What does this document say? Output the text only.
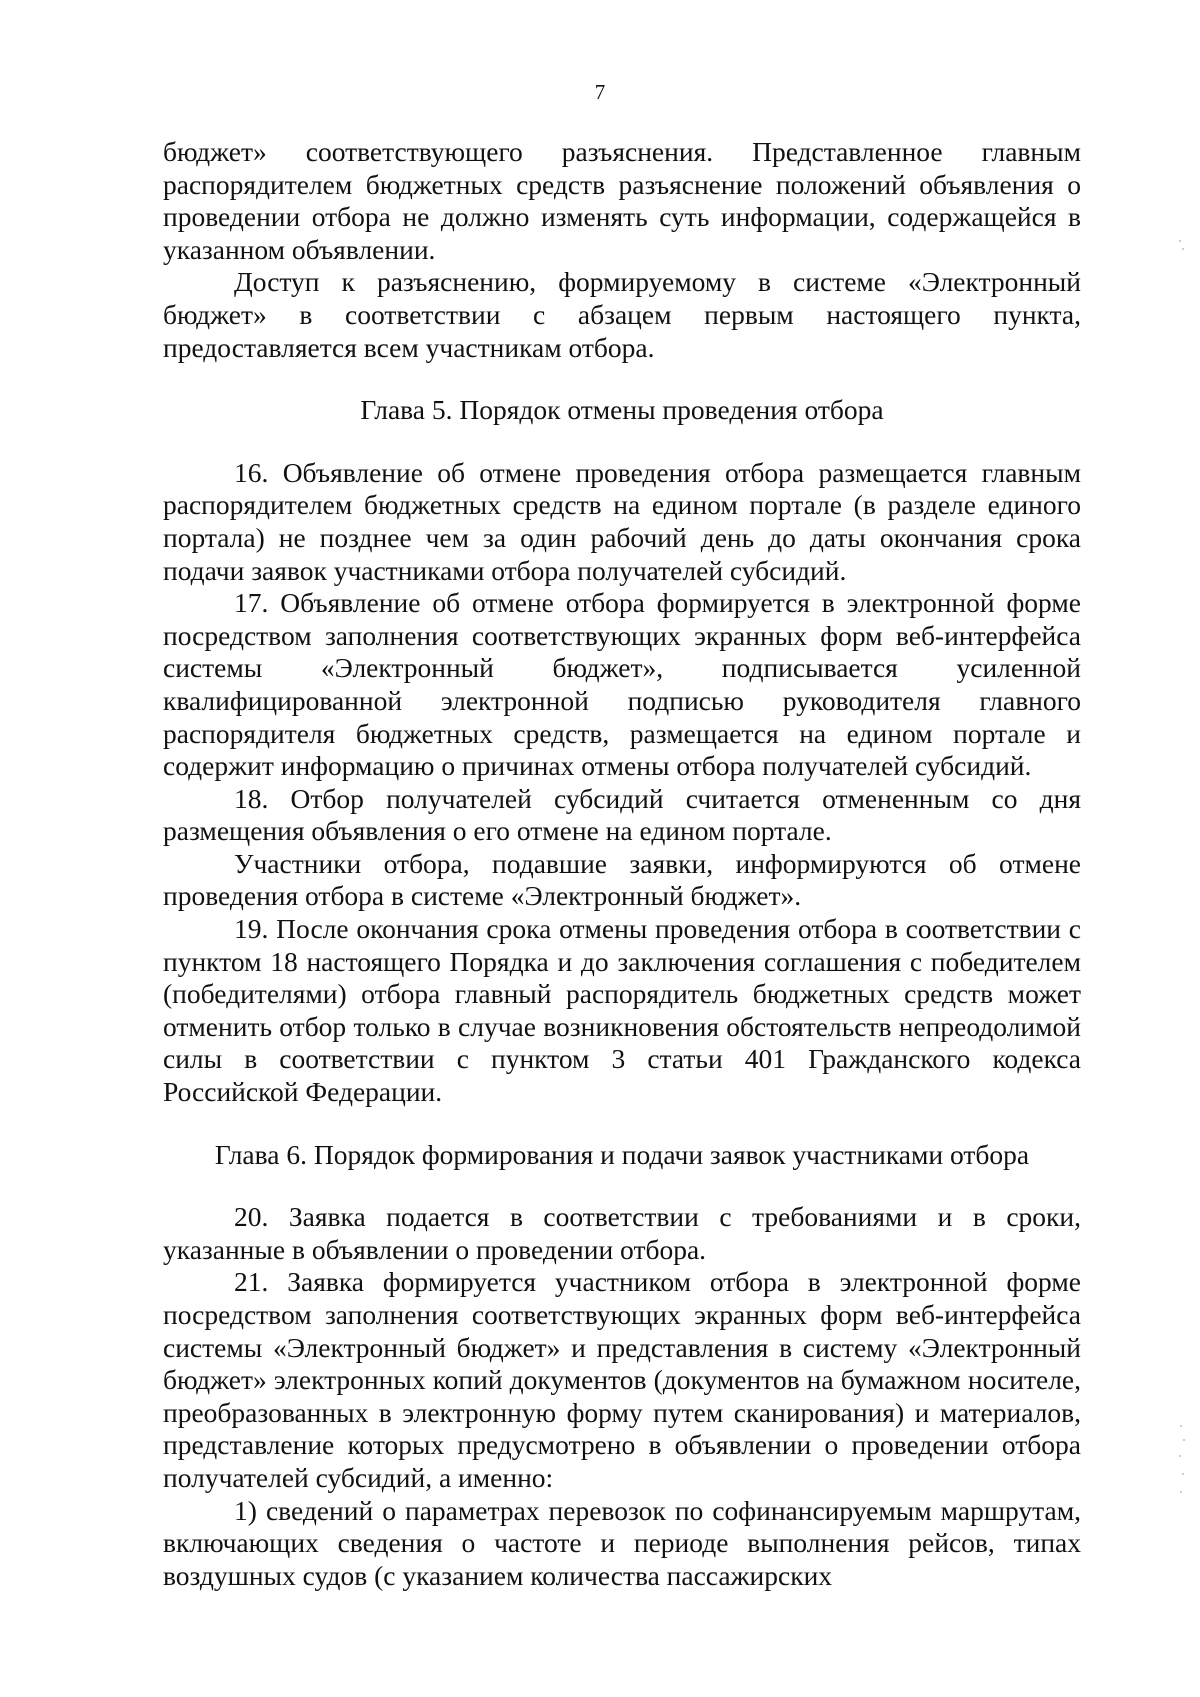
7

бюджет» соответствующего разъяснения. Представленное главным распорядителем бюджетных средств разъяснение положений объявления о проведении отбора не должно изменять суть информации, содержащейся в указанном объявлении.

Доступ к разъяснению, формируемому в системе «Электронный бюджет» в соответствии с абзацем первым настоящего пункта, предоставляется всем участникам отбора.

Глава 5. Порядок отмены проведения отбора

16. Объявление об отмене проведения отбора размещается главным распорядителем бюджетных средств на едином портале (в разделе единого портала) не позднее чем за один рабочий день до даты окончания срока подачи заявок участниками отбора получателей субсидий.

17. Объявление об отмене отбора формируется в электронной форме посредством заполнения соответствующих экранных форм веб-интерфейса системы «Электронный бюджет», подписывается усиленной квалифицированной электронной подписью руководителя главного распорядителя бюджетных средств, размещается на едином портале и содержит информацию о причинах отмены отбора получателей субсидий.

18. Отбор получателей субсидий считается отмененным со дня размещения объявления о его отмене на едином портале.

Участники отбора, подавшие заявки, информируются об отмене проведения отбора в системе «Электронный бюджет».

19. После окончания срока отмены проведения отбора в соответствии с пунктом 18 настоящего Порядка и до заключения соглашения с победителем (победителями) отбора главный распорядитель бюджетных средств может отменить отбор только в случае возникновения обстоятельств непреодолимой силы в соответствии с пунктом 3 статьи 401 Гражданского кодекса Российской Федерации.

Глава 6. Порядок формирования и подачи заявок участниками отбора

20. Заявка подается в соответствии с требованиями и в сроки, указанные в объявлении о проведении отбора.

21. Заявка формируется участником отбора в электронной форме посредством заполнения соответствующих экранных форм веб-интерфейса системы «Электронный бюджет» и представления в систему «Электронный бюджет» электронных копий документов (документов на бумажном носителе, преобразованных в электронную форму путем сканирования) и материалов, представление которых предусмотрено в объявлении о проведении отбора получателей субсидий, а именно:

1) сведений о параметрах перевозок по софинансируемым маршрутам, включающих сведения о частоте и периоде выполнения рейсов, типах воздушных судов (с указанием количества пассажирских
